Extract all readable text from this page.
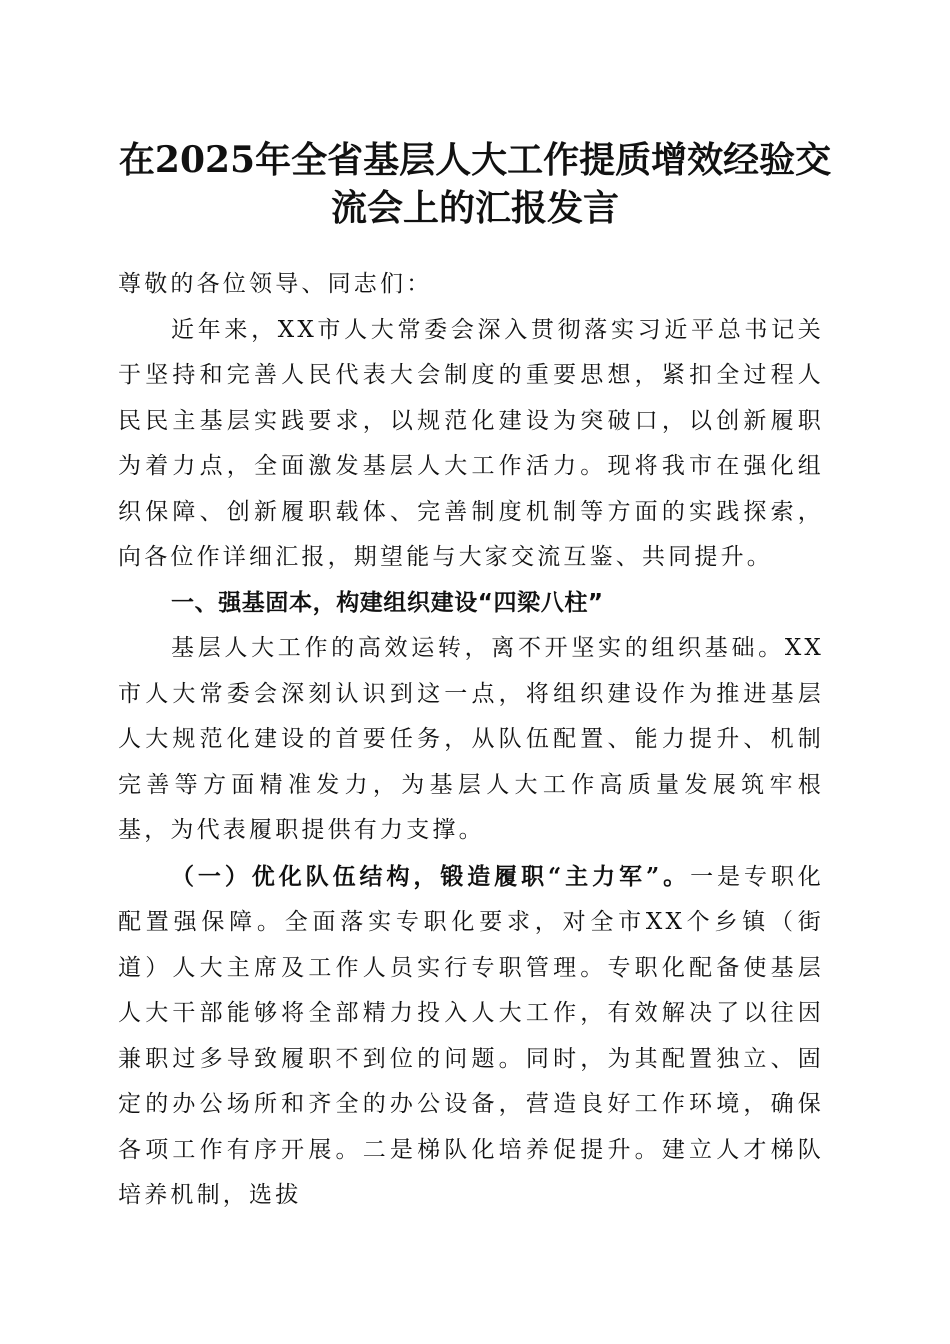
在2025年全省基层人大工作提质增效经验交流会上的汇报发言

尊敬的各位领导、同志们：

近年来，XX市人大常委会深入贯彻落实习近平总书记关于坚持和完善人民代表大会制度的重要思想，紧扣全过程人民民主基层实践要求，以规范化建设为突破口，以创新履职为着力点，全面激发基层人大工作活力。现将我市在强化组织保障、创新履职载体、完善制度机制等方面的实践探索，向各位作详细汇报，期望能与大家交流互鉴、共同提升。

一、强基固本，构建组织建设“四梁八柱”

基层人大工作的高效运转，离不开坚实的组织基础。XX市人大常委会深刻认识到这一点，将组织建设作为推进基层人大规范化建设的首要任务，从队伍配置、能力提升、机制完善等方面精准发力，为基层人大工作高质量发展筑牢根基，为代表履职提供有力支撑。

（一）优化队伍结构，锻造履职“主力军”。一是专职化配置强保障。全面落实专职化要求，对全市XX个乡镇（街道）人大主席及工作人员实行专职管理。专职化配备使基层人大干部能够将全部精力投入人大工作，有效解决了以往因兼职过多导致履职不到位的问题。同时，为其配置独立、固定的办公场所和齐全的办公设备，营造良好工作环境，确保各项工作有序开展。二是梯队化培养促提升。建立人才梯队培养机制，选拔
